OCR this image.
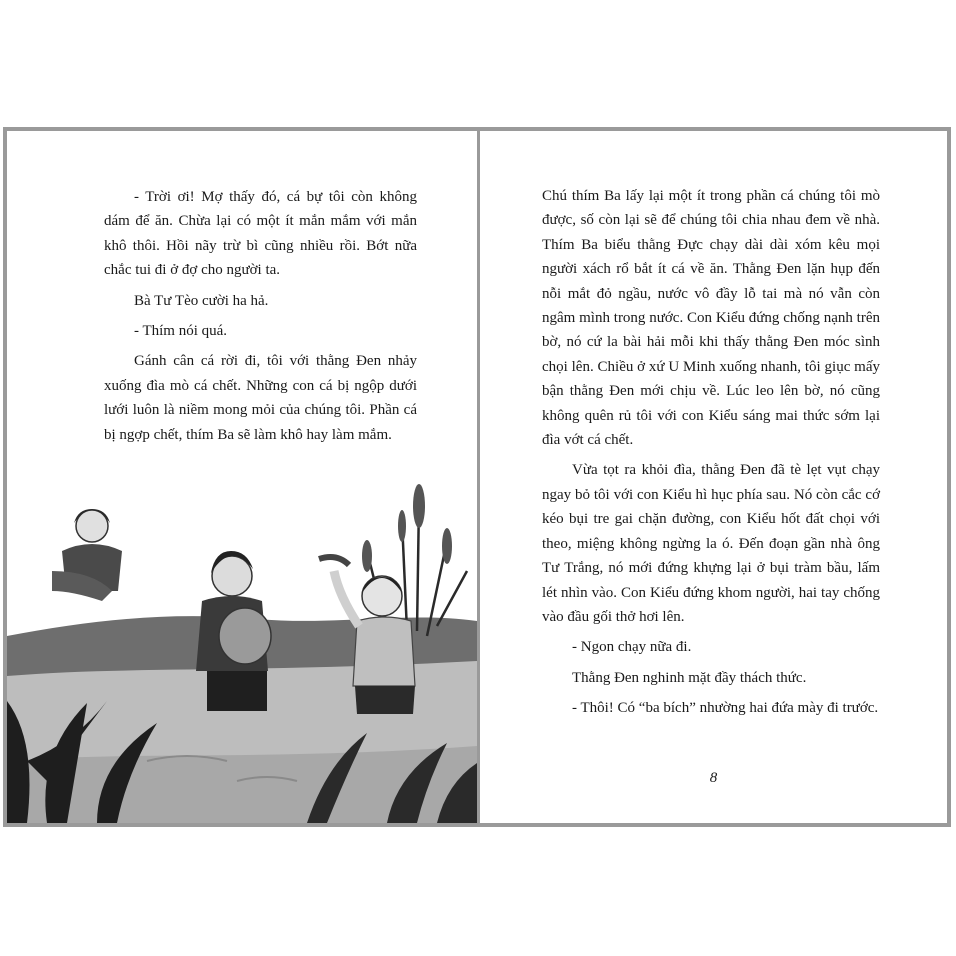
- Trời ơi! Mợ thấy đó, cá bự tôi còn không dám để ăn. Chừa lại có một ít mắn mắm với mắn khô thôi. Hồi nãy trừ bì cũng nhiều rồi. Bớt nữa chắc tui đi ở đợ cho người ta.

Bà Tư Tèo cười ha hả.

- Thím nói quá.

Gánh cân cá rời đi, tôi với thằng Đen nhảy xuống đìa mò cá chết. Những con cá bị ngộp dưới lưới luôn là niềm mong mỏi của chúng tôi. Phần cá bị ngợp chết, thím Ba sẽ làm khô hay làm mắm.

Chú thím Ba lấy lại một ít trong phần cá chúng tôi mò được, số còn lại sẽ để chúng tôi chia nhau đem về nhà. Thím Ba biểu thằng Đực chạy dài dài xóm kêu mọi người xách rổ bắt ít cá về ăn. Thằng Đen lặn hụp đến nỗi mắt đỏ ngầu, nước vô đầy lỗ tai mà nó vẫn còn ngâm mình trong nước. Con Kiểu đứng chống nạnh trên bờ, nó cứ la bài hải mỗi khi thấy thằng Đen móc sình chọi lên. Chiều ở xứ U Minh xuống nhanh, tôi giục mấy bận thằng Đen mới chịu về. Lúc leo lên bờ, nó cũng không quên rủ tôi với con Kiểu sáng mai thức sớm lại đìa vớt cá chết.

Vừa tọt ra khỏi đìa, thằng Đen đã tè lẹt vụt chạy ngay bỏ tôi với con Kiểu hì hục phía sau. Nó còn cắc cớ kéo bụi tre gai chặn đường, con Kiểu hốt đất chọi với theo, miệng không ngừng la ó. Đến đoạn gần nhà ông Tư Trắng, nó mới đứng khựng lại ở bụi tràm bầu, lấm lét nhìn vào. Con Kiểu đứng khom người, hai tay chống vào đầu gối thở hơi lên.

- Ngon chạy nữa đi.

Thằng Đen nghinh mặt đầy thách thức.

- Thôi! Có “ba bích” nhường hai đứa mày đi trước.

8
